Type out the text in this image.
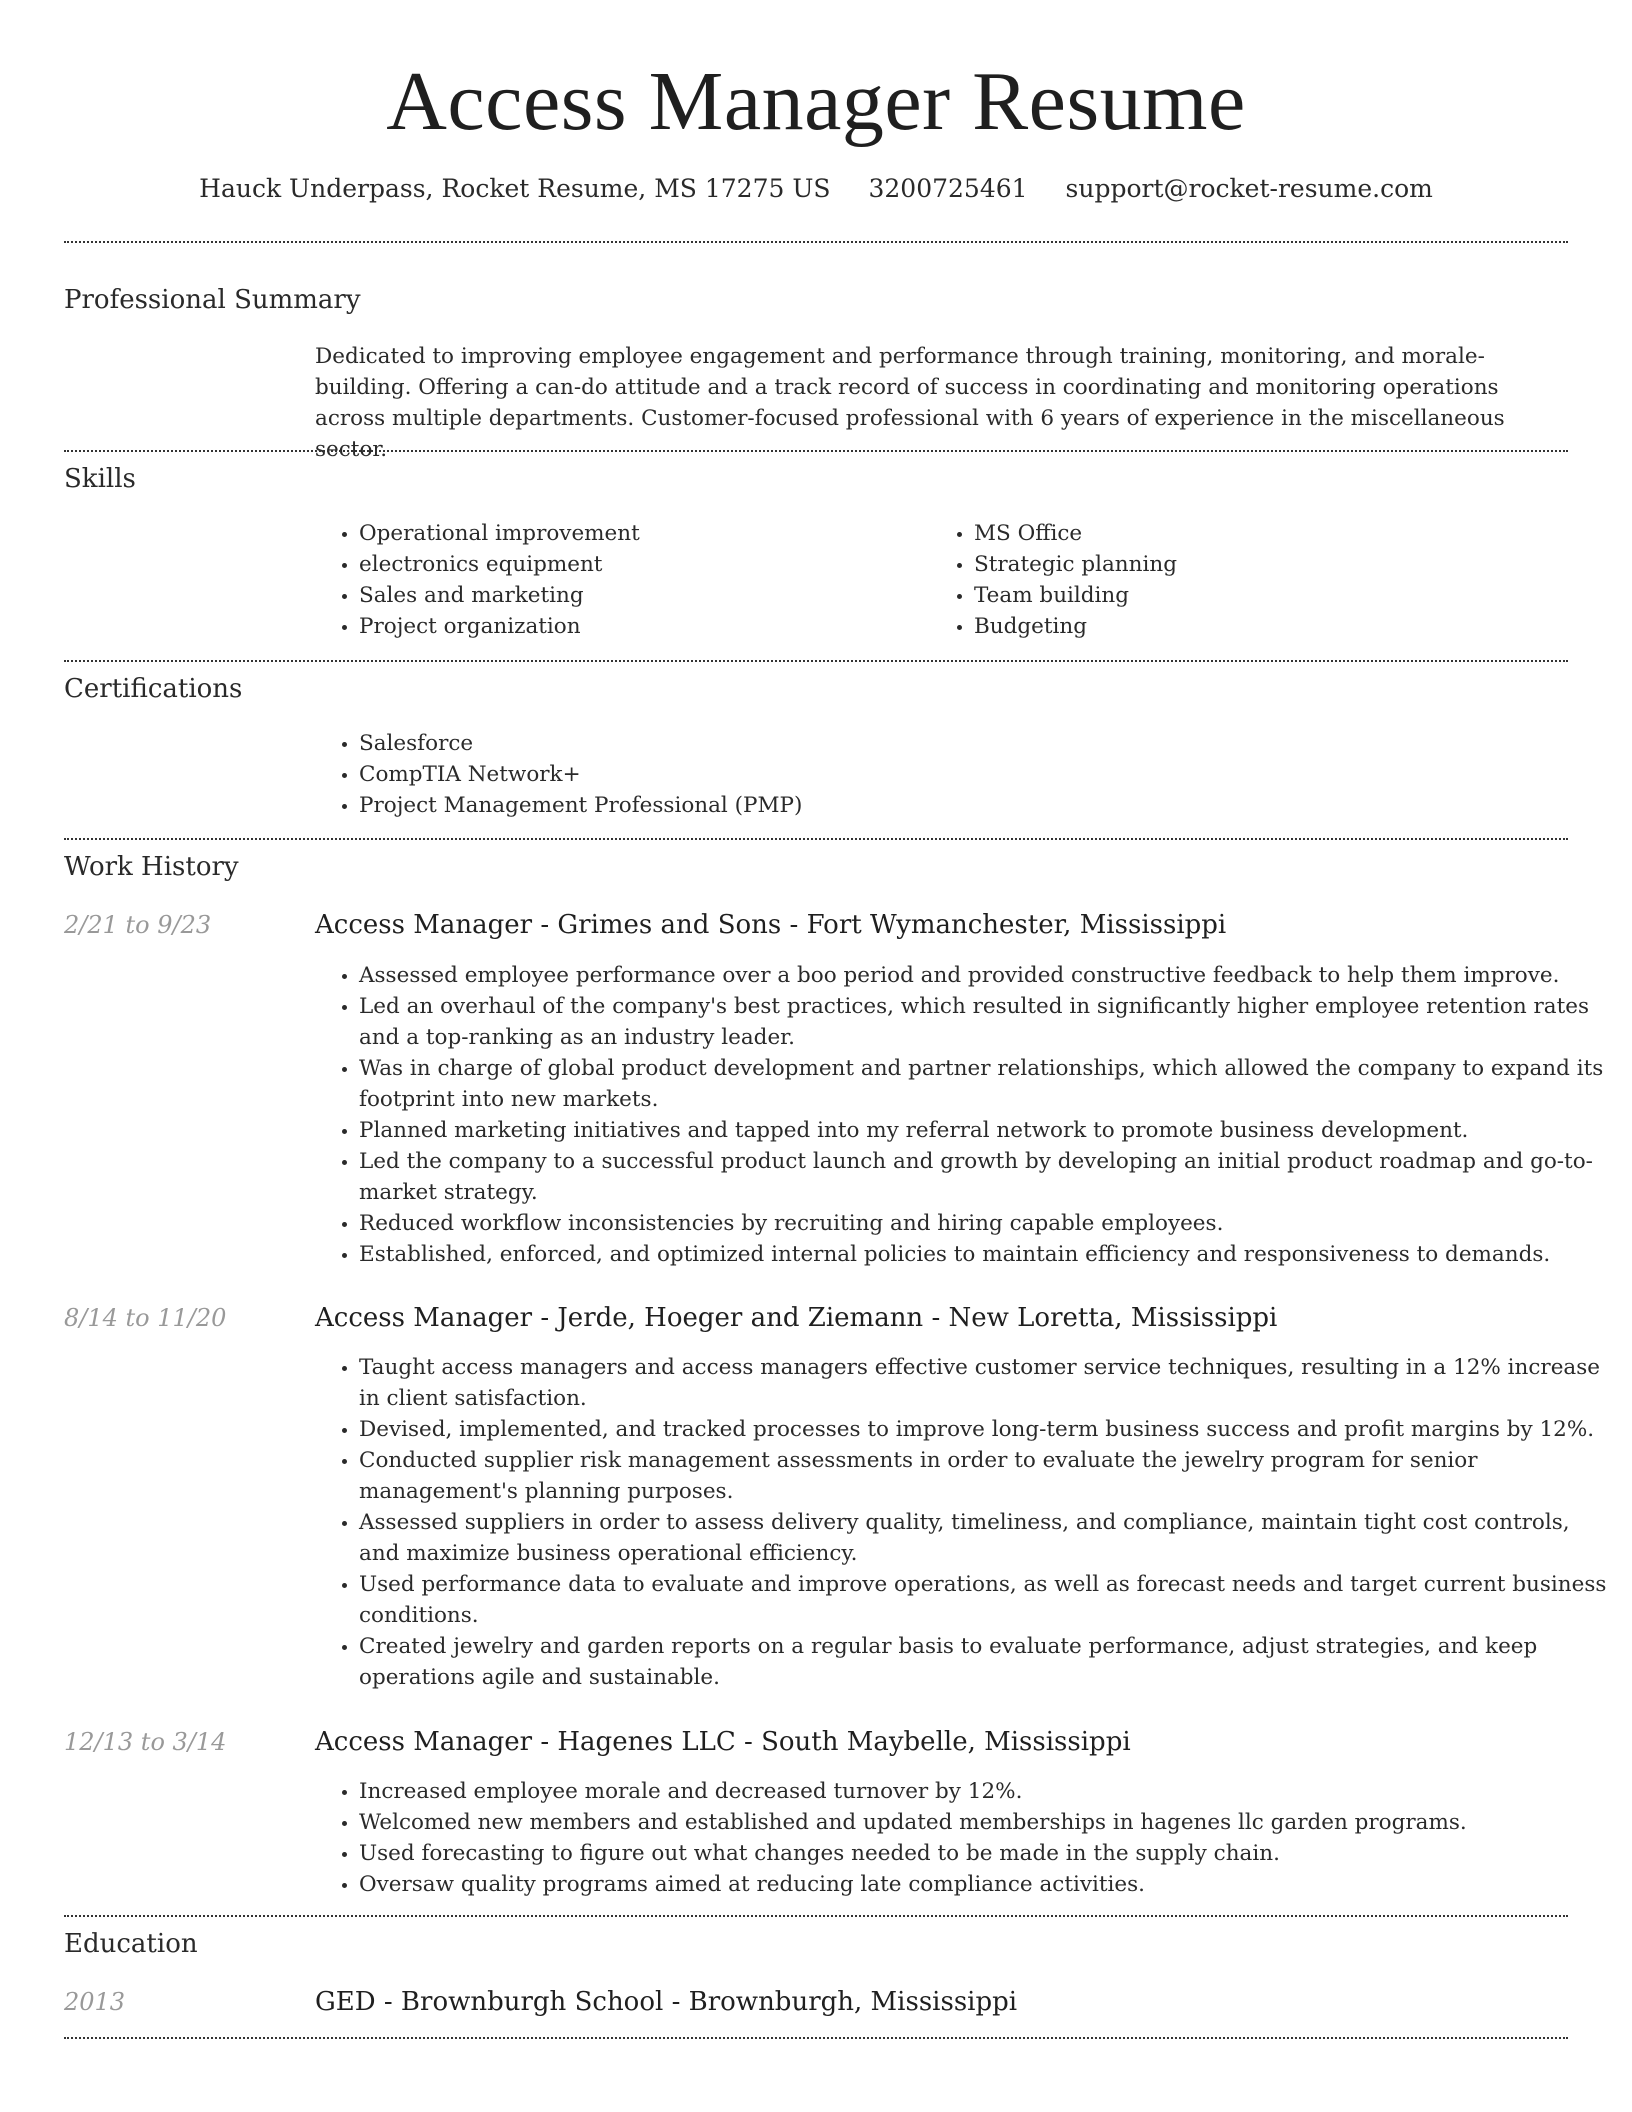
Access Manager Resume
Hauck Underpass, Rocket Resume, MS 17275 US 3200725461 support@rocket-resume.com
Professional Summary

Dedicated to improving employee engagement and performance through training, monitoring, and morale-building. Offering a can-do attitude and a track record of success in coordinating and monitoring operations across multiple departments. Customer-focused professional with 6 years of experience in the miscellaneous sector.

Skills
• Operational improvement
• electronics equipment
• Sales and marketing
• Project organization
• MS Office
• Strategic planning
• Team building
• Budgeting
Certifications
• Salesforce
• CompTIA Network+
• Project Management Professional (PMP)
Work History
2/21 to 9/23	Access Manager - Grimes and Sons - Fort Wymanchester, Mississippi
• Assessed employee performance over a boo period and provided constructive feedback to help them improve.
• Led an overhaul of the company's best practices, which resulted in significantly higher employee retention rates and a top-ranking as an industry leader.
• Was in charge of global product development and partner relationships, which allowed the company to expand its footprint into new markets.
• Planned marketing initiatives and tapped into my referral network to promote business development.
• Led the company to a successful product launch and growth by developing an initial product roadmap and go-to-market strategy.
• Reduced workflow inconsistencies by recruiting and hiring capable employees.
• Established, enforced, and optimized internal policies to maintain efficiency and responsiveness to demands.
8/14 to 11/20	Access Manager - Jerde, Hoeger and Ziemann - New Loretta, Mississippi
• Taught access managers and access managers effective customer service techniques, resulting in a 12% increase in client satisfaction.
• Devised, implemented, and tracked processes to improve long-term business success and profit margins by 12%.
• Conducted supplier risk management assessments in order to evaluate the jewelry program for senior management's planning purposes.
• Assessed suppliers in order to assess delivery quality, timeliness, and compliance, maintain tight cost controls, and maximize business operational efficiency.
• Used performance data to evaluate and improve operations, as well as forecast needs and target current business conditions.
• Created jewelry and garden reports on a regular basis to evaluate performance, adjust strategies, and keep operations agile and sustainable.
12/13 to 3/14	Access Manager - Hagenes LLC - South Maybelle, Mississippi
• Increased employee morale and decreased turnover by 12%.
• Welcomed new members and established and updated memberships in hagenes llc garden programs.
• Used forecasting to figure out what changes needed to be made in the supply chain.
• Oversaw quality programs aimed at reducing late compliance activities.
Education
2013	GED - Brownburgh School - Brownburgh, Mississippi
